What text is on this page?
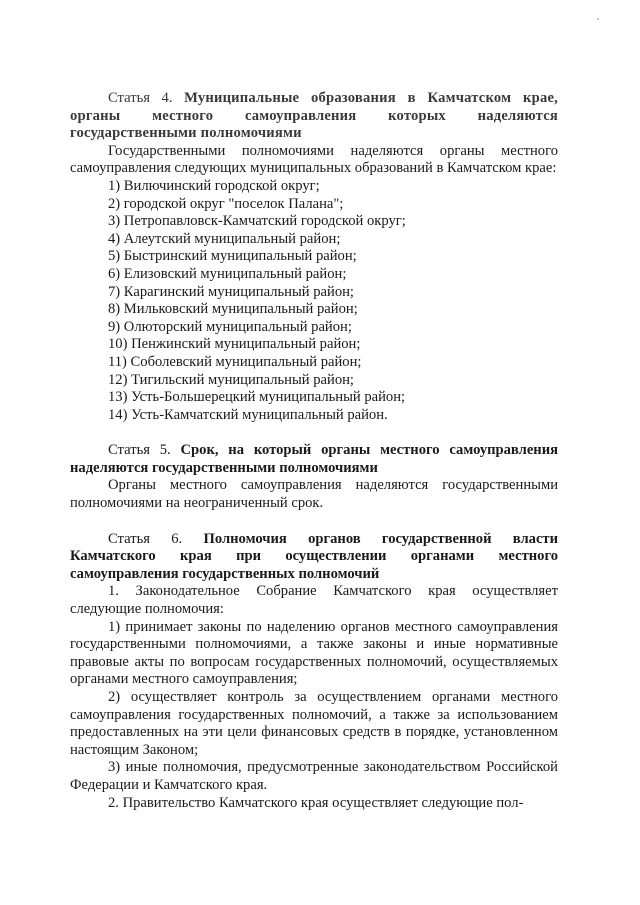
Статья 4. Муниципальные образования в Камчатском крае, органы местного самоуправления которых наделяются государственными полномочиями

Государственными полномочиями наделяются органы местного самоуправления следующих муниципальных образований в Камчатском крае:

1) Вилючинский городской округ;

2) городской округ "поселок Палана";

3) Петропавловск-Камчатский городской округ;

4) Алеутский муниципальный район;

5) Быстринский муниципальный район;

6) Елизовский муниципальный район;

7) Карагинский муниципальный район;

8) Мильковский муниципальный район;

9) Олюторский муниципальный район;

10) Пенжинский муниципальный район;

11) Соболевский муниципальный район;

12) Тигильский муниципальный район;

13) Усть-Большерецкий муниципальный район;

14) Усть-Камчатский муниципальный район.

Статья 5. Срок, на который органы местного самоуправления наделяются государственными полномочиями

Органы местного самоуправления наделяются государственными полномочиями на неограниченный срок.

Статья 6. Полномочия органов государственной власти Камчатского края при осуществлении органами местного самоуправления государственных полномочий

1. Законодательное Собрание Камчатского края осуществляет следующие полномочия:

1) принимает законы по наделению органов местного самоуправления государственными полномочиями, а также законы и иные нормативные правовые акты по вопросам государственных полномочий, осуществляемых органами местного самоуправления;

2) осуществляет контроль за осуществлением органами местного самоуправления государственных полномочий, а также за использованием предоставленных на эти цели финансовых средств в порядке, установленном настоящим Законом;

3) иные полномочия, предусмотренные законодательством Российской Федерации и Камчатского края.

2. Правительство Камчатского края осуществляет следующие пол-
